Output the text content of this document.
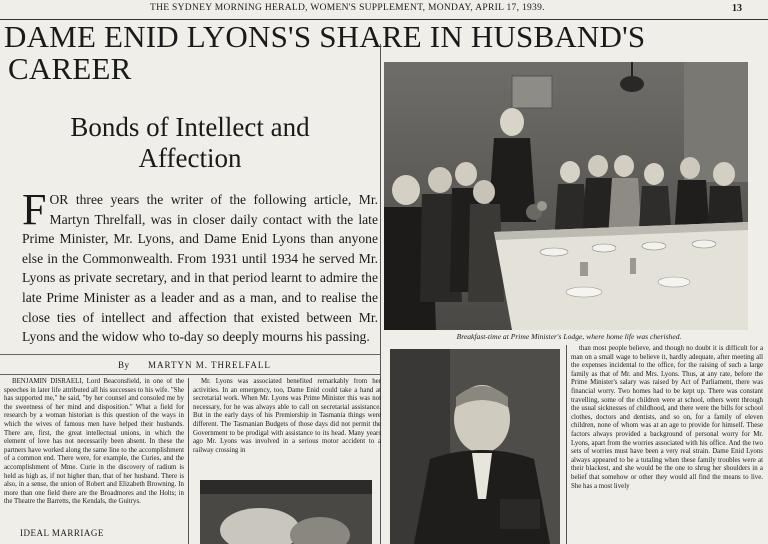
THE SYDNEY MORNING HERALD, WOMEN'S SUPPLEMENT, MONDAY, APRIL 17, 1939.	13
DAME ENID LYONS'S SHARE IN HUSBAND'S
CAREER
Bonds of Intellect and
Affection
FOR three years the writer of the following article, Mr. Martyn Threlfall, was in closer daily contact with the late Prime Minister, Mr. Lyons, and Dame Enid Lyons than anyone else in the Commonwealth. From 1931 until 1934 he served Mr. Lyons as private secretary, and in that period learnt to admire the late Prime Minister as a leader and as a man, and to realise the close ties of intellect and affection that existed between Mr. Lyons and the widow who to-day so deeply mourns his passing.
By MARTYN M. THRELFALL

BENJAMIN DISRAELI, Lord Beaconsfield, in one of the speeches in later life attributed all his successes to his wife. "She has supported me," he said, "by her counsel and consoled me by the sweetness of her mind and disposition." What a field for research by a woman historian is this question of the ways in which the wives of famous men have helped their husbands. There are, first, the great intellectual unions, in which the element of love has not necessarily been absent. In these the partners have worked along the same line to the accomplishment of a common end. There were, for example, the Curies, and the accomplishment of Mme. Curie in the discovery of radium is held as high as, if not higher than, that of her husband. There is also, in a sense, the union of Robert and Elizabeth Browning. In more than one field there are the Broadmores and the Holts; in the Theatre the Barretts, the Kendals, the Guitrys.

IDEAL MARRIAGE

Mr. Lyons was associated benefited remarkably from her activities. In an emergency, too, Dame Enid could take a hand at secretarial work. When Mr. Lyons was Prime Minister this was not necessary, for he was always able to call on secretarial assistance. But in the early days of his Premiership in Tasmania things were different. The Tasmanian Budgets of those days did not permit the Government to be prodigal with assistance to its head. Many years ago Mr. Lyons was involved in a serious motor accident to a railway crossing in

Breakfast-time at Prime Minister's Lodge, where home life was cherished.

than most people believe, and though no doubt it is difficult for a man on a small wage to believe it, hardly adequate, after meeting all the expenses incidental to the office, for the raising of such a large family as that of Mr. and Mrs. Lyons. Thus, at any rate, before the Prime Minister's salary was raised by Act of Parliament, there was financial worry. Two homes had to be kept up. There was constant travelling, some of the children were at school, others went through the usual sicknesses of childhood, and there were the bills for school clothes, doctors and dentists, and so on, for a family of eleven children, none of whom was at an age to provide for himself. These factors always provided a background of personal worry for Mr. Lyons, apart from the worries associated with his office. And the two sets of worries must have been a very real strain. Dame Enid Lyons always appeared to be a tutaling when these family troubles were at their blackest, and she would be the one to shrug her shoulders in a belief that somehow or other they would all find the means to live. She has a most lively
